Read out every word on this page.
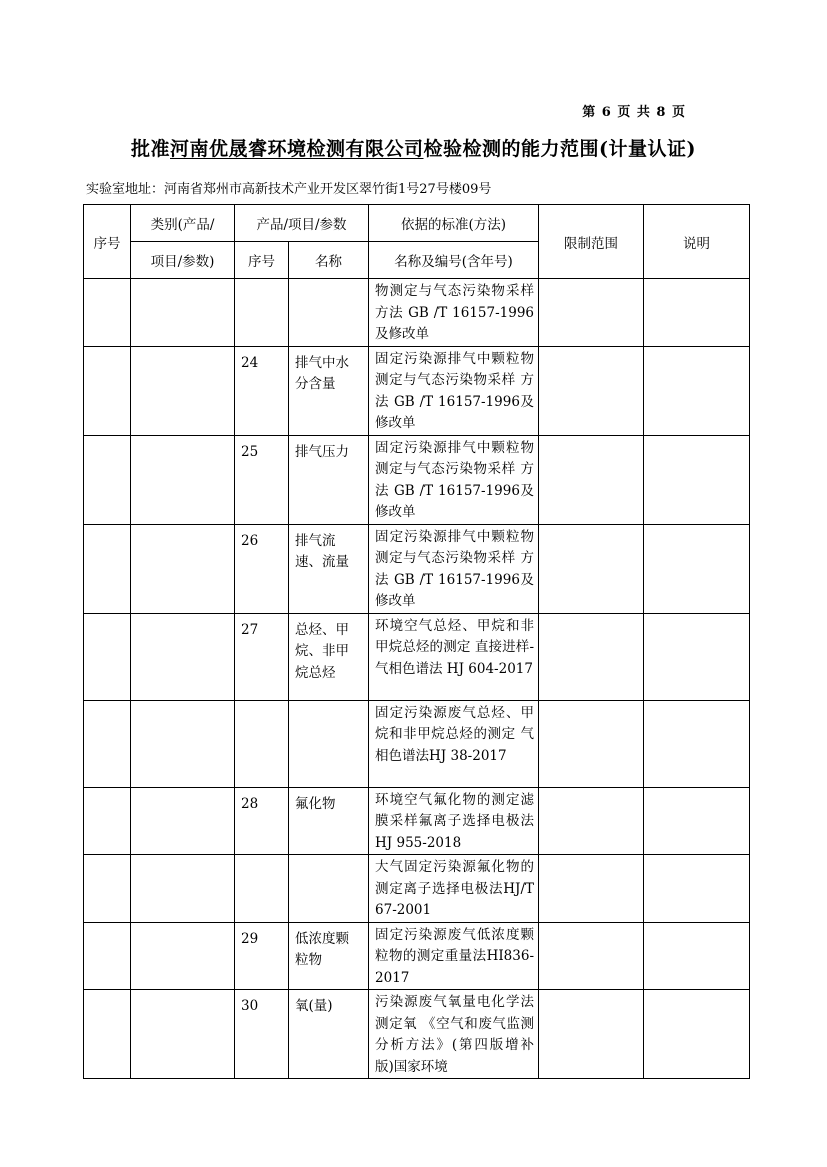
第 6 页 共 8 页
批准河南优晟睿环境检测有限公司检验检测的能力范围(计量认证)
实验室地址：河南省郑州市高新技术产业开发区翠竹街1号27号楼09号
序号	类别(产品/	产品/项目/参数		依据的标准(方法)	限制范围	说明
	项目/参数)	序号	名称	名称及编号(含年号)		

				物测定与气态污染物采样 方法 GB /T 16157-1996及修改单		

		24	排气中水分含量	固定污染源排气中颗粒物测定与气态污染物采样 方法 GB /T 16157-1996及修改单		

		25	排气压力	固定污染源排气中颗粒物测定与气态污染物采样 方法 GB /T 16157-1996及修改单		

		26	排气流速、流量	固定污染源排气中颗粒物测定与气态污染物采样 方法 GB /T 16157-1996及修改单		

		27	总烃、甲烷、非甲烷总烃	环境空气总烃、甲烷和非甲烷总烃的测定 直接进样-气相色谱法 HJ 604-2017		

				固定污染源废气总烃、甲烷和非甲烷总烃的测定 气相色谱法HJ 38-2017		

		28	氟化物	环境空气氟化物的测定滤膜采样氟离子选择电极法HJ 955-2018		

				大气固定污染源氟化物的测定离子选择电极法HJ/T 67-2001		

		29	低浓度颗粒物	固定污染源废气低浓度颗粒物的测定重量法HI836-2017		

		30	氧(量)	污染源废气氧量电化学法测定氧 《空气和废气监测分析方法》(第四版增补版)国家环境		
